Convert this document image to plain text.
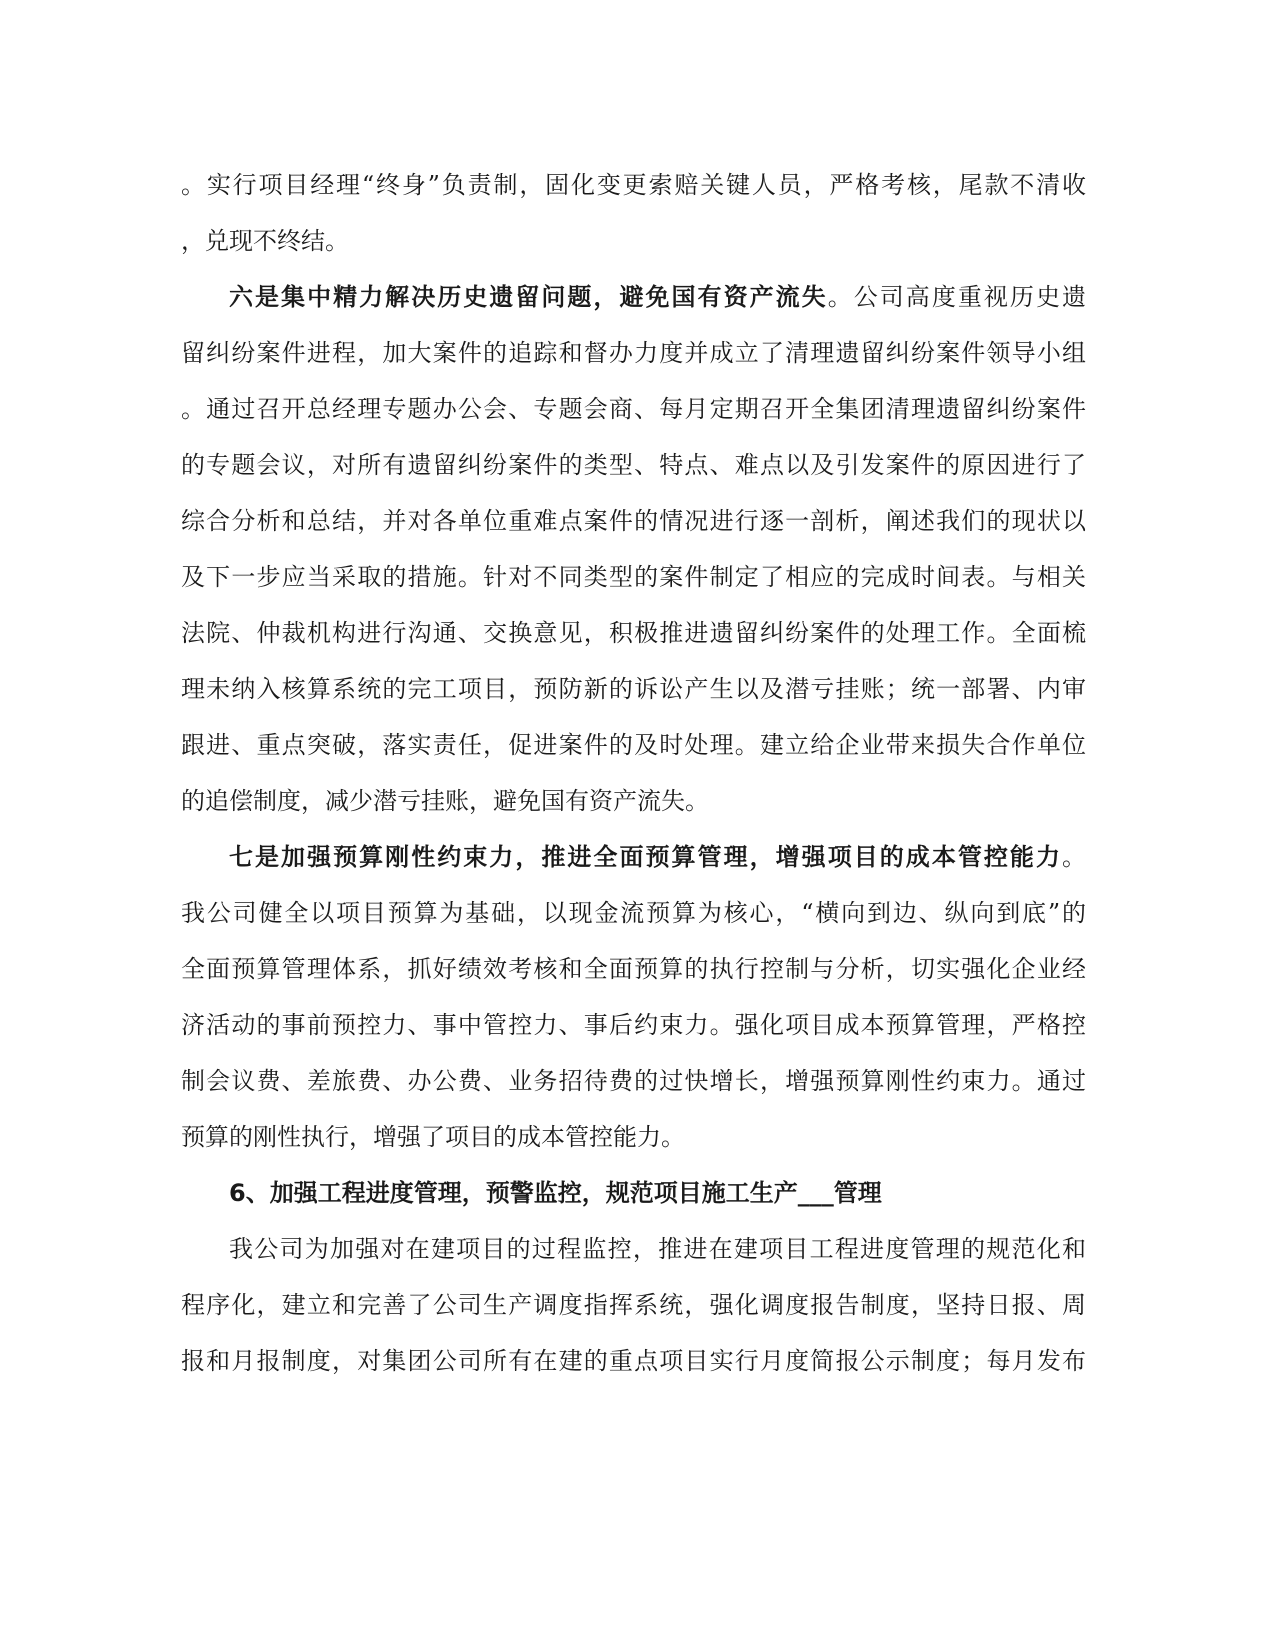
。实行项目经理“终身”负责制，固化变更索赔关键人员，严格考核，尾款不清收
，兑现不终结。
六是集中精力解决历史遗留问题，避免国有资产流失。公司高度重视历史遗
留纠纷案件进程，加大案件的追踪和督办力度并成立了清理遗留纠纷案件领导小组
。通过召开总经理专题办公会、专题会商、每月定期召开全集团清理遗留纠纷案件
的专题会议，对所有遗留纠纷案件的类型、特点、难点以及引发案件的原因进行了
综合分析和总结，并对各单位重难点案件的情况进行逐一剖析，阐述我们的现状以
及下一步应当采取的措施。针对不同类型的案件制定了相应的完成时间表。与相关
法院、仲裁机构进行沟通、交换意见，积极推进遗留纠纷案件的处理工作。全面梳
理未纳入核算系统的完工项目，预防新的诉讼产生以及潜亏挂账；统一部署、内审
跟进、重点突破，落实责任，促进案件的及时处理。建立给企业带来损失合作单位
的追偿制度，减少潜亏挂账，避免国有资产流失。
七是加强预算刚性约束力，推进全面预算管理，增强项目的成本管控能力。
我公司健全以项目预算为基础，以现金流预算为核心，“横向到边、纵向到底”的
全面预算管理体系，抓好绩效考核和全面预算的执行控制与分析，切实强化企业经
济活动的事前预控力、事中管控力、事后约束力。强化项目成本预算管理，严格控
制会议费、差旅费、办公费、业务招待费的过快增长，增强预算刚性约束力。通过
预算的刚性执行，增强了项目的成本管控能力。
6、加强工程进度管理，预警监控，规范项目施工生产___管理
我公司为加强对在建项目的过程监控，推进在建项目工程进度管理的规范化和
程序化，建立和完善了公司生产调度指挥系统，强化调度报告制度，坚持日报、周
报和月报制度，对集团公司所有在建的重点项目实行月度简报公示制度；每月发布
